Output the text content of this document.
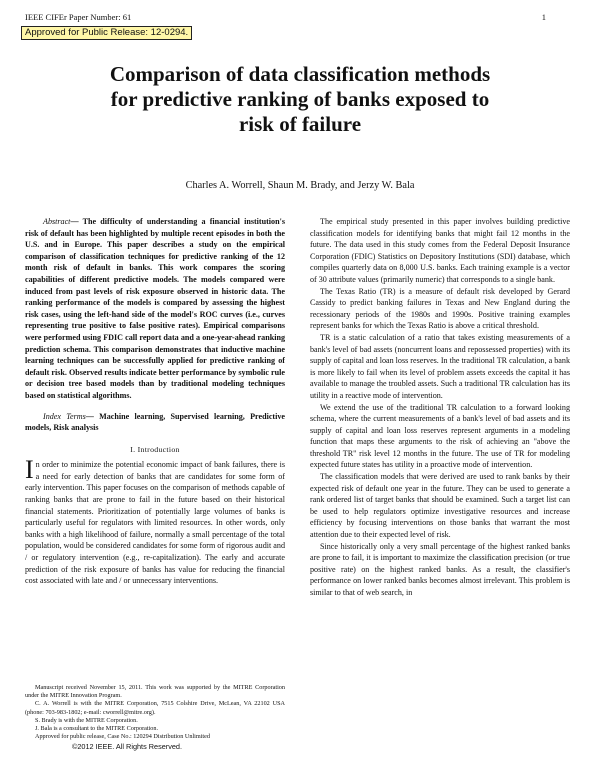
IEEE CIFEr Paper Number: 61	1
Approved for Public Release: 12-0294.
Comparison of data classification methods
for predictive ranking of banks exposed to
risk of failure
Charles A. Worrell, Shaun M. Brady, and Jerzy W. Bala

Abstract— The difficulty of understanding a financial institution's risk of default has been highlighted by multiple recent episodes in both the U.S. and in Europe. This paper describes a study on the empirical comparison of classification techniques for predictive ranking of the 12 month risk of default in banks. This work compares the scoring capabilities of different predictive models. The models compared were induced from past levels of risk exposure observed in historic data. The ranking performance of the models is compared by assessing the highest risk cases, using the left-hand side of the model's ROC curves (i.e., curves representing true positive to false positive rates). Empirical comparisons were performed using FDIC call report data and a one-year-ahead ranking prediction schema. This comparison demonstrates that inductive machine learning techniques can be successfully applied for predictive ranking of default risk. Observed results indicate better performance by symbolic rule or decision tree based models than by traditional modeling techniques based on statistical algorithms.

Index Terms— Machine learning, Supervised learning, Predictive models, Risk analysis

I. Introduction

In order to minimize the potential economic impact of bank failures, there is a need for early detection of banks that are candidates for some form of early intervention. This paper focuses on the comparison of methods capable of ranking banks that are prone to fail in the future based on their historical financial statements. Prioritization of potentially large volumes of banks is particularly useful for regulators with limited resources. In other words, only banks with a high likelihood of failure, normally a small percentage of the total population, would be considered candidates for some form of rigorous audit and / or regulatory intervention (e.g., re-capitalization). The early and accurate prediction of the risk exposure of banks has value for reducing the financial cost associated with late and / or unnecessary interventions.

Manuscript received November 15, 2011. This work was supported by the MITRE Corporation under the MITRE Innovation Program.

C. A. Worrell is with the MITRE Corporation, 7515 Colshire Drive, McLean, VA 22102 USA (phone: 703-983-1802; e-mail: cworrell@mitre.org).

S. Brady is with the MITRE Corporation.

J. Bala is a consultant to the MITRE Corporation.

Approved for public release, Case No.: 120294 Distribution Unlimited

The empirical study presented in this paper involves building predictive classification models for identifying banks that might fail 12 months in the future. The data used in this study comes from the Federal Deposit Insurance Corporation (FDIC) Statistics on Depository Institutions (SDI) database, which compiles quarterly data on 8,000 U.S. banks. Each training example is a vector of 30 attribute values (primarily numeric) that corresponds to a single bank.

The Texas Ratio (TR) is a measure of default risk developed by Gerard Cassidy to predict banking failures in Texas and New England during the recessionary periods of the 1980s and 1990s. Positive training examples represent banks for which the Texas Ratio is above a critical threshold.

TR is a static calculation of a ratio that takes existing measurements of a bank's level of bad assets (noncurrent loans and repossessed properties) with its supply of capital and loan loss reserves. In the traditional TR calculation, a bank is more likely to fail when its level of problem assets exceeds the capital it has available to manage the troubled assets. Such a traditional TR calculation has its utility in a reactive mode of intervention.

We extend the use of the traditional TR calculation to a forward looking schema, where the current measurements of a bank's level of bad assets and its supply of capital and loan loss reserves represent arguments in a modeling function that maps these arguments to the risk of achieving an "above the threshold TR" risk level 12 months in the future. The use of TR for modeling expected future states has utility in a proactive mode of intervention.

The classification models that were derived are used to rank banks by their expected risk of default one year in the future. They can be used to generate a rank ordered list of target banks that should be examined. Such a target list can be used to help regulators optimize investigative resources and increase efficiency by focusing interventions on those banks that warrant the most attention due to their expected level of risk.

Since historically only a very small percentage of the highest ranked banks are prone to fail, it is important to maximize the classification precision (or true positive rate) on the highest ranked banks. As a result, the classifier's performance on lower ranked banks becomes almost irrelevant. This problem is similar to that of web search, in

©2012 IEEE. All Rights Reserved.
